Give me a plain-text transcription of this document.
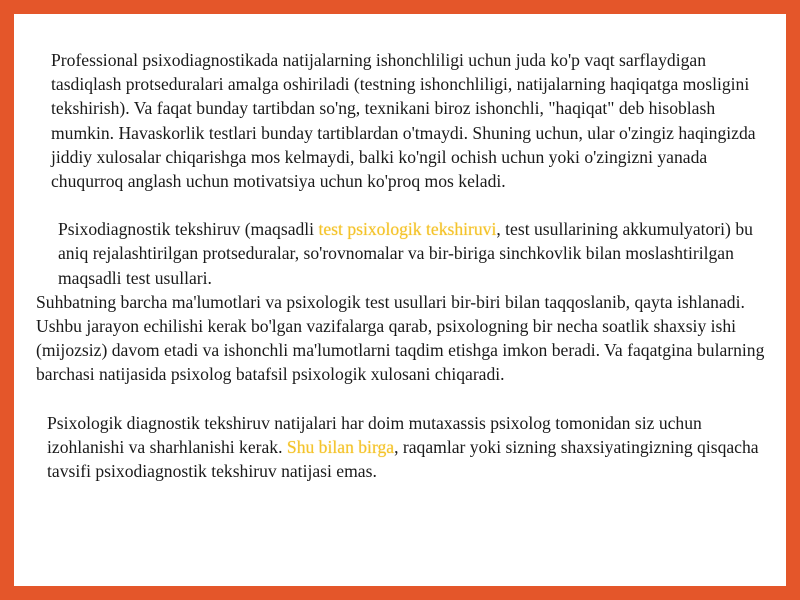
Professional psixodiagnostikada natijalarning ishonchliligi uchun juda ko'p vaqt sarflaydigan tasdiqlash protseduralari amalga oshiriladi (testning ishonchliligi, natijalarning haqiqatga mosligini tekshirish). Va faqat bunday tartibdan so'ng, texnikani biroz ishonchli, "haqiqat" deb hisoblash mumkin. Havaskorlik testlari bunday tartiblardan o'tmaydi. Shuning uchun, ular o'zingiz haqingizda jiddiy xulosalar chiqarishga mos kelmaydi, balki ko'ngil ochish uchun yoki o'zingizni yanada chuqurroq anglash uchun motivatsiya uchun ko'proq mos keladi.

Psixodiagnostik tekshiruv (maqsadli test psixologik tekshiruvi, test usullarining akkumulyatori) bu aniq rejalashtirilgan protseduralar, so'rovnomalar va bir-biriga sinchkovlik bilan moslashtirilgan maqsadli test usullari.

Suhbatning barcha ma'lumotlari va psixologik test usullari bir-biri bilan taqqoslanib, qayta ishlanadi. Ushbu jarayon echilishi kerak bo'lgan vazifalarga qarab, psixologning bir necha soatlik shaxsiy ishi (mijozsiz) davom etadi va ishonchli ma'lumotlarni taqdim etishga imkon beradi. Va faqatgina bularning barchasi natijasida psixolog batafsil psixologik xulosani chiqaradi.

Psixologik diagnostik tekshiruv natijalari har doim mutaxassis psixolog tomonidan siz uchun izohlanishi va sharhlanishi kerak. Shu bilan birga, raqamlar yoki sizning shaxsiyatingizning qisqacha tavsifi psixodiagnostik tekshiruv natijasi emas.
